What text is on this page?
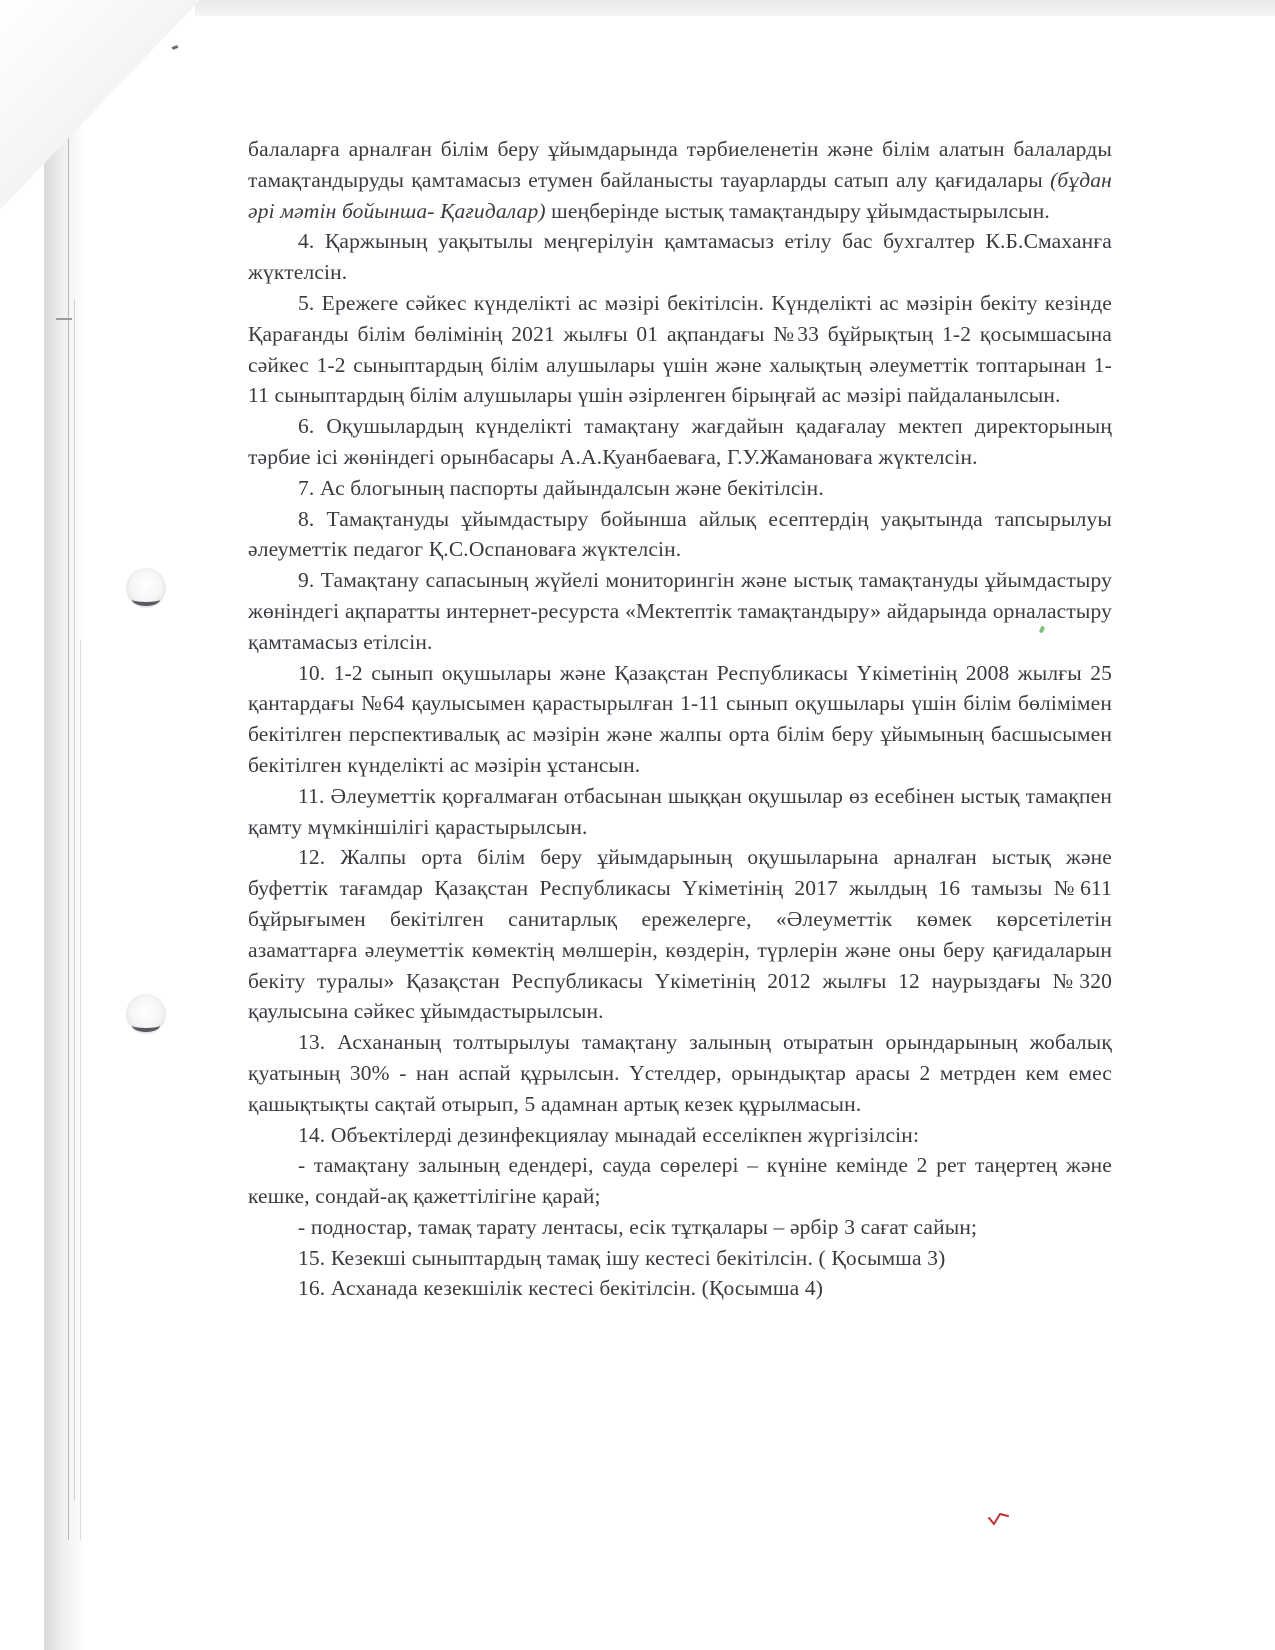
балаларға арналған білім беру ұйымдарында тәрбиеленетін және білім алатын балаларды тамақтандыруды қамтамасыз етумен байланысты тауарларды сатып алу қағидалары (бұдан әрі мәтін бойынша- Қағидалар) шеңберінде ыстық тамақтандыру ұйымдастырылсын.

4. Қаржының уақытылы меңгерілуін қамтамасыз етілу бас бухгалтер К.Б.Смаханға жүктелсін.

5. Ережеге сәйкес күнделікті ас мәзірі бекітілсін. Күнделікті ас мәзірін бекіту кезінде Қарағанды білім бөлімінің 2021 жылғы 01 ақпандағы №33 бұйрықтың 1-2 қосымшасына сәйкес 1-2 сыныптардың білім алушылары үшін және халықтың әлеуметтік топтарынан 1-11 сыныптардың білім алушылары үшін әзірленген бірыңғай ас мәзірі пайдаланылсын.

6. Оқушылардың күнделікті тамақтану жағдайын қадағалау мектеп директорының тәрбие ісі жөніндегі орынбасары А.А.Куанбаеваға, Г.У.Жамановаға жүктелсін.

7. Ас блогының паспорты дайындалсын және бекітілсін.

8. Тамақтануды ұйымдастыру бойынша айлық есептердің уақытында тапсырылуы әлеуметтік педагог Қ.С.Оспановаға жүктелсін.

9. Тамақтану сапасының жүйелі мониторингін және ыстық тамақтануды ұйымдастыру жөніндегі ақпаратты интернет-ресурста «Мектептік тамақтандыру» айдарында орналастыру қамтамасыз етілсін.

10. 1-2 сынып оқушылары және Қазақстан Республикасы Үкіметінің 2008 жылғы 25 қантардағы №64 қаулысымен қарастырылған 1-11 сынып оқушылары үшін білім бөлімімен бекітілген перспективалық ас мәзірін және жалпы орта білім беру ұйымының басшысымен бекітілген күнделікті ас мәзірін ұстансын.

11. Әлеуметтік қорғалмаған отбасынан шыққан оқушылар өз есебінен ыстық тамақпен қамту мүмкіншілігі қарастырылсын.

12. Жалпы орта білім беру ұйымдарының оқушыларына арналған ыстық және буфеттік тағамдар Қазақстан Республикасы Үкіметінің 2017 жылдың 16 тамызы №611 бұйрығымен бекітілген санитарлық ережелерге, «Әлеуметтік көмек көрсетілетін азаматтарға әлеуметтік көмектің мөлшерін, көздерін, түрлерін және оны беру қағидаларын бекіту туралы» Қазақстан Республикасы Үкіметінің 2012 жылғы 12 наурыздағы №320 қаулысына сәйкес ұйымдастырылсын.

13. Асхананың толтырылуы тамақтану залының отыратын орындарының жобалық қуатының 30% - нан аспай құрылсын. Үстелдер, орындықтар арасы 2 метрден кем емес қашықтықты сақтай отырып, 5 адамнан артық кезек құрылмасын.

14. Объектілерді дезинфекциялау мынадай есселікпен жүргізілсін:

- тамақтану залының едендері, сауда сөрелері – күніне кемінде 2 рет таңертең және кешке, сондай-ақ қажеттілігіне қарай;

- подностар, тамақ тарату лентасы, есік тұтқалары – әрбір 3 сағат сайын;

15. Кезекші сыныптардың тамақ ішу кестесі бекітілсін. ( Қосымша 3)

16. Асханада кезекшілік кестесі бекітілсін. (Қосымша 4)
